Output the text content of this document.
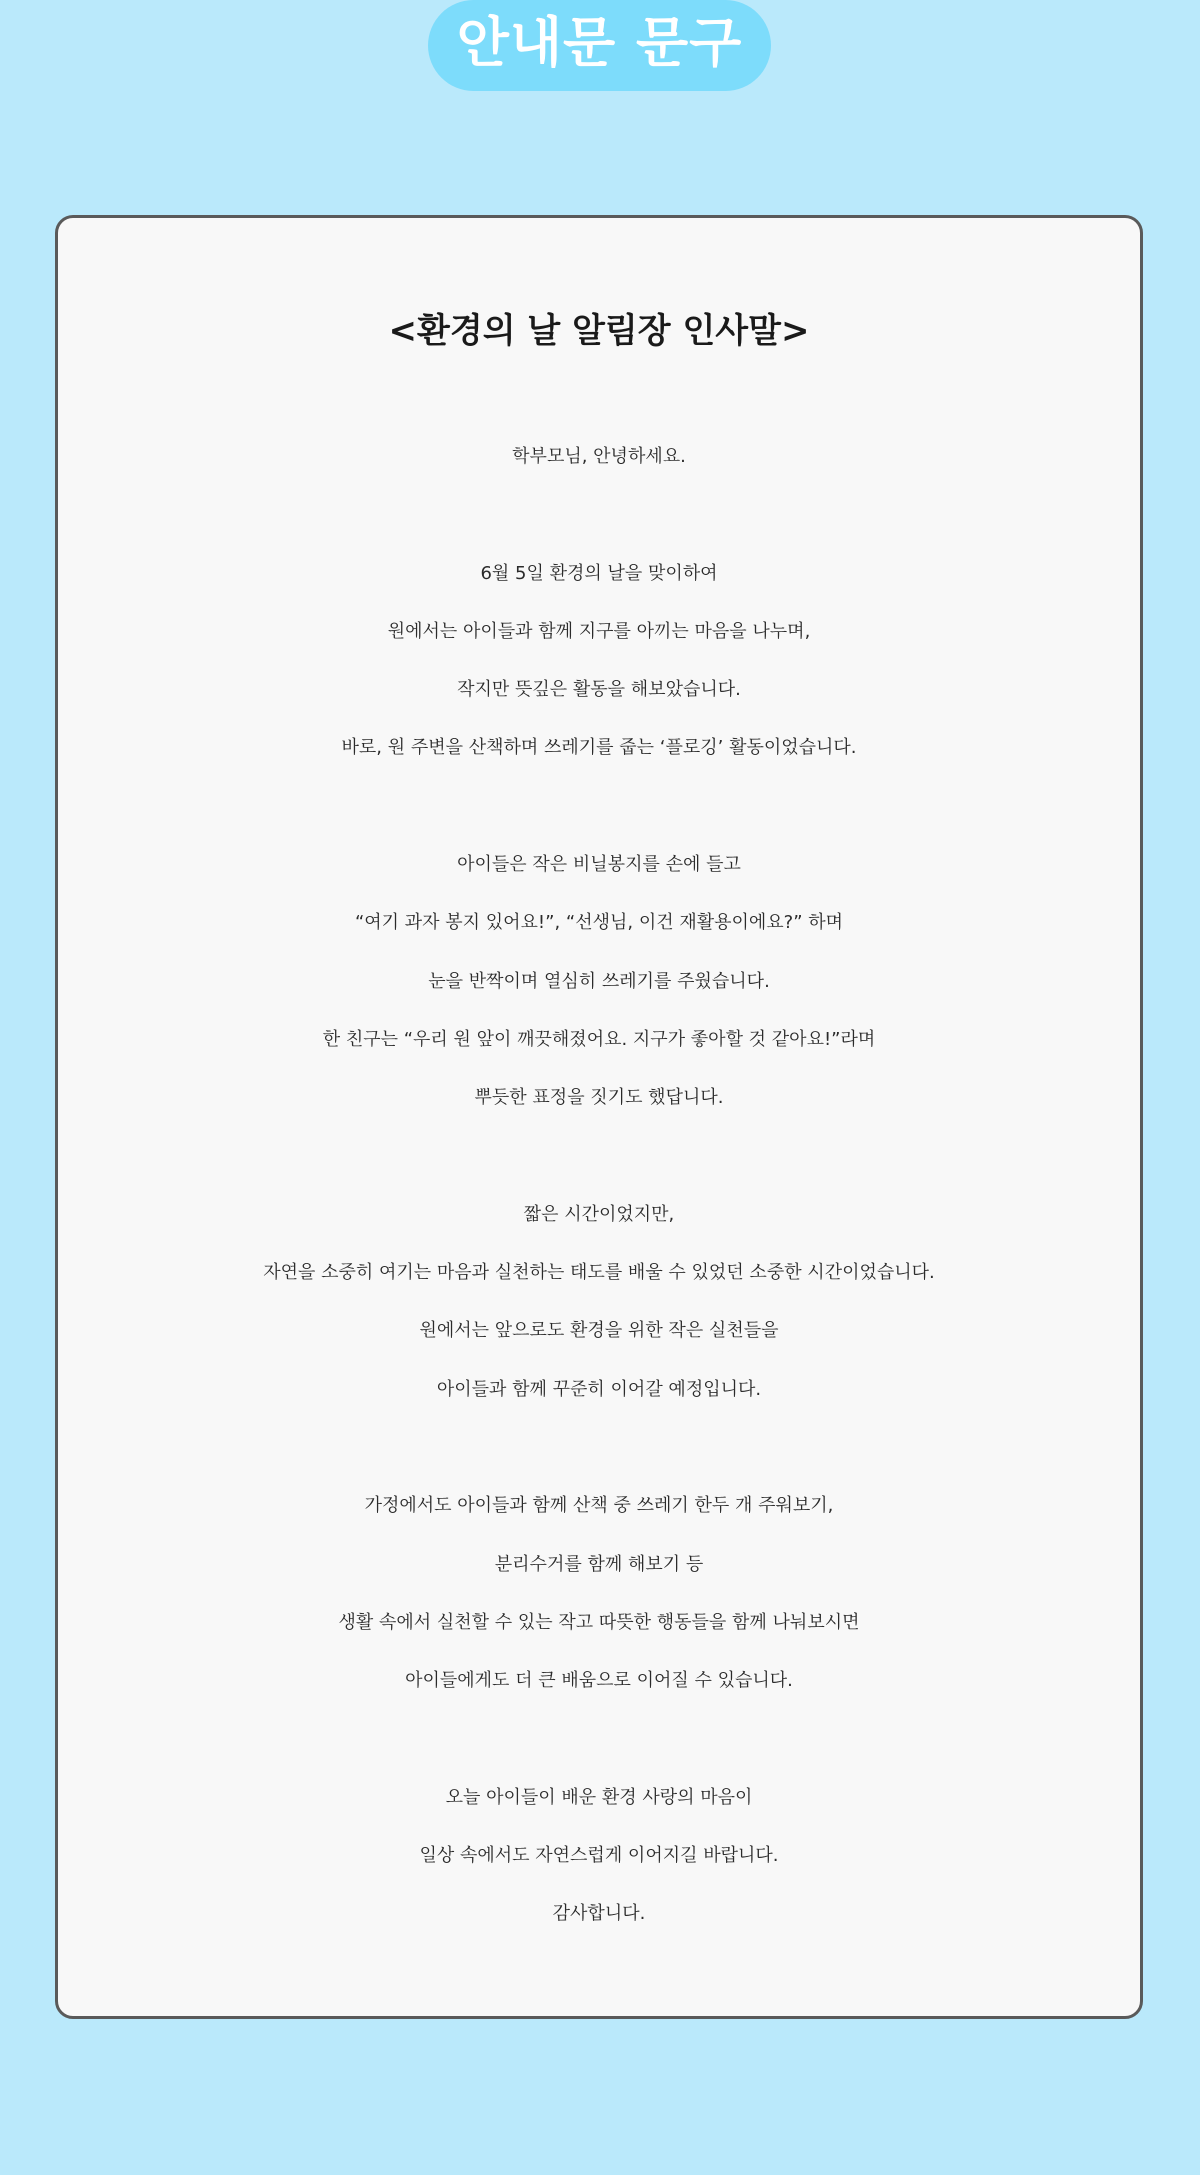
안내문 문구
<환경의 날 알림장 인사말>
학부모님, 안녕하세요.
6월 5일 환경의 날을 맞이하여
원에서는 아이들과 함께 지구를 아끼는 마음을 나누며,
작지만 뜻깊은 활동을 해보았습니다.
바로, 원 주변을 산책하며 쓰레기를 줍는 ‘플로깅’ 활동이었습니다.
아이들은 작은 비닐봉지를 손에 들고
“여기 과자 봉지 있어요!”, “선생님, 이건 재활용이에요?” 하며
눈을 반짝이며 열심히 쓰레기를 주웠습니다.
한 친구는 “우리 원 앞이 깨끗해졌어요. 지구가 좋아할 것 같아요!”라며
뿌듯한 표정을 짓기도 했답니다.
짧은 시간이었지만,
자연을 소중히 여기는 마음과 실천하는 태도를 배울 수 있었던 소중한 시간이었습니다.
원에서는 앞으로도 환경을 위한 작은 실천들을
아이들과 함께 꾸준히 이어갈 예정입니다.
가정에서도 아이들과 함께 산책 중 쓰레기 한두 개 주워보기,
분리수거를 함께 해보기 등
생활 속에서 실천할 수 있는 작고 따뜻한 행동들을 함께 나눠보시면
아이들에게도 더 큰 배움으로 이어질 수 있습니다.
오늘 아이들이 배운 환경 사랑의 마음이
일상 속에서도 자연스럽게 이어지길 바랍니다.
감사합니다.
